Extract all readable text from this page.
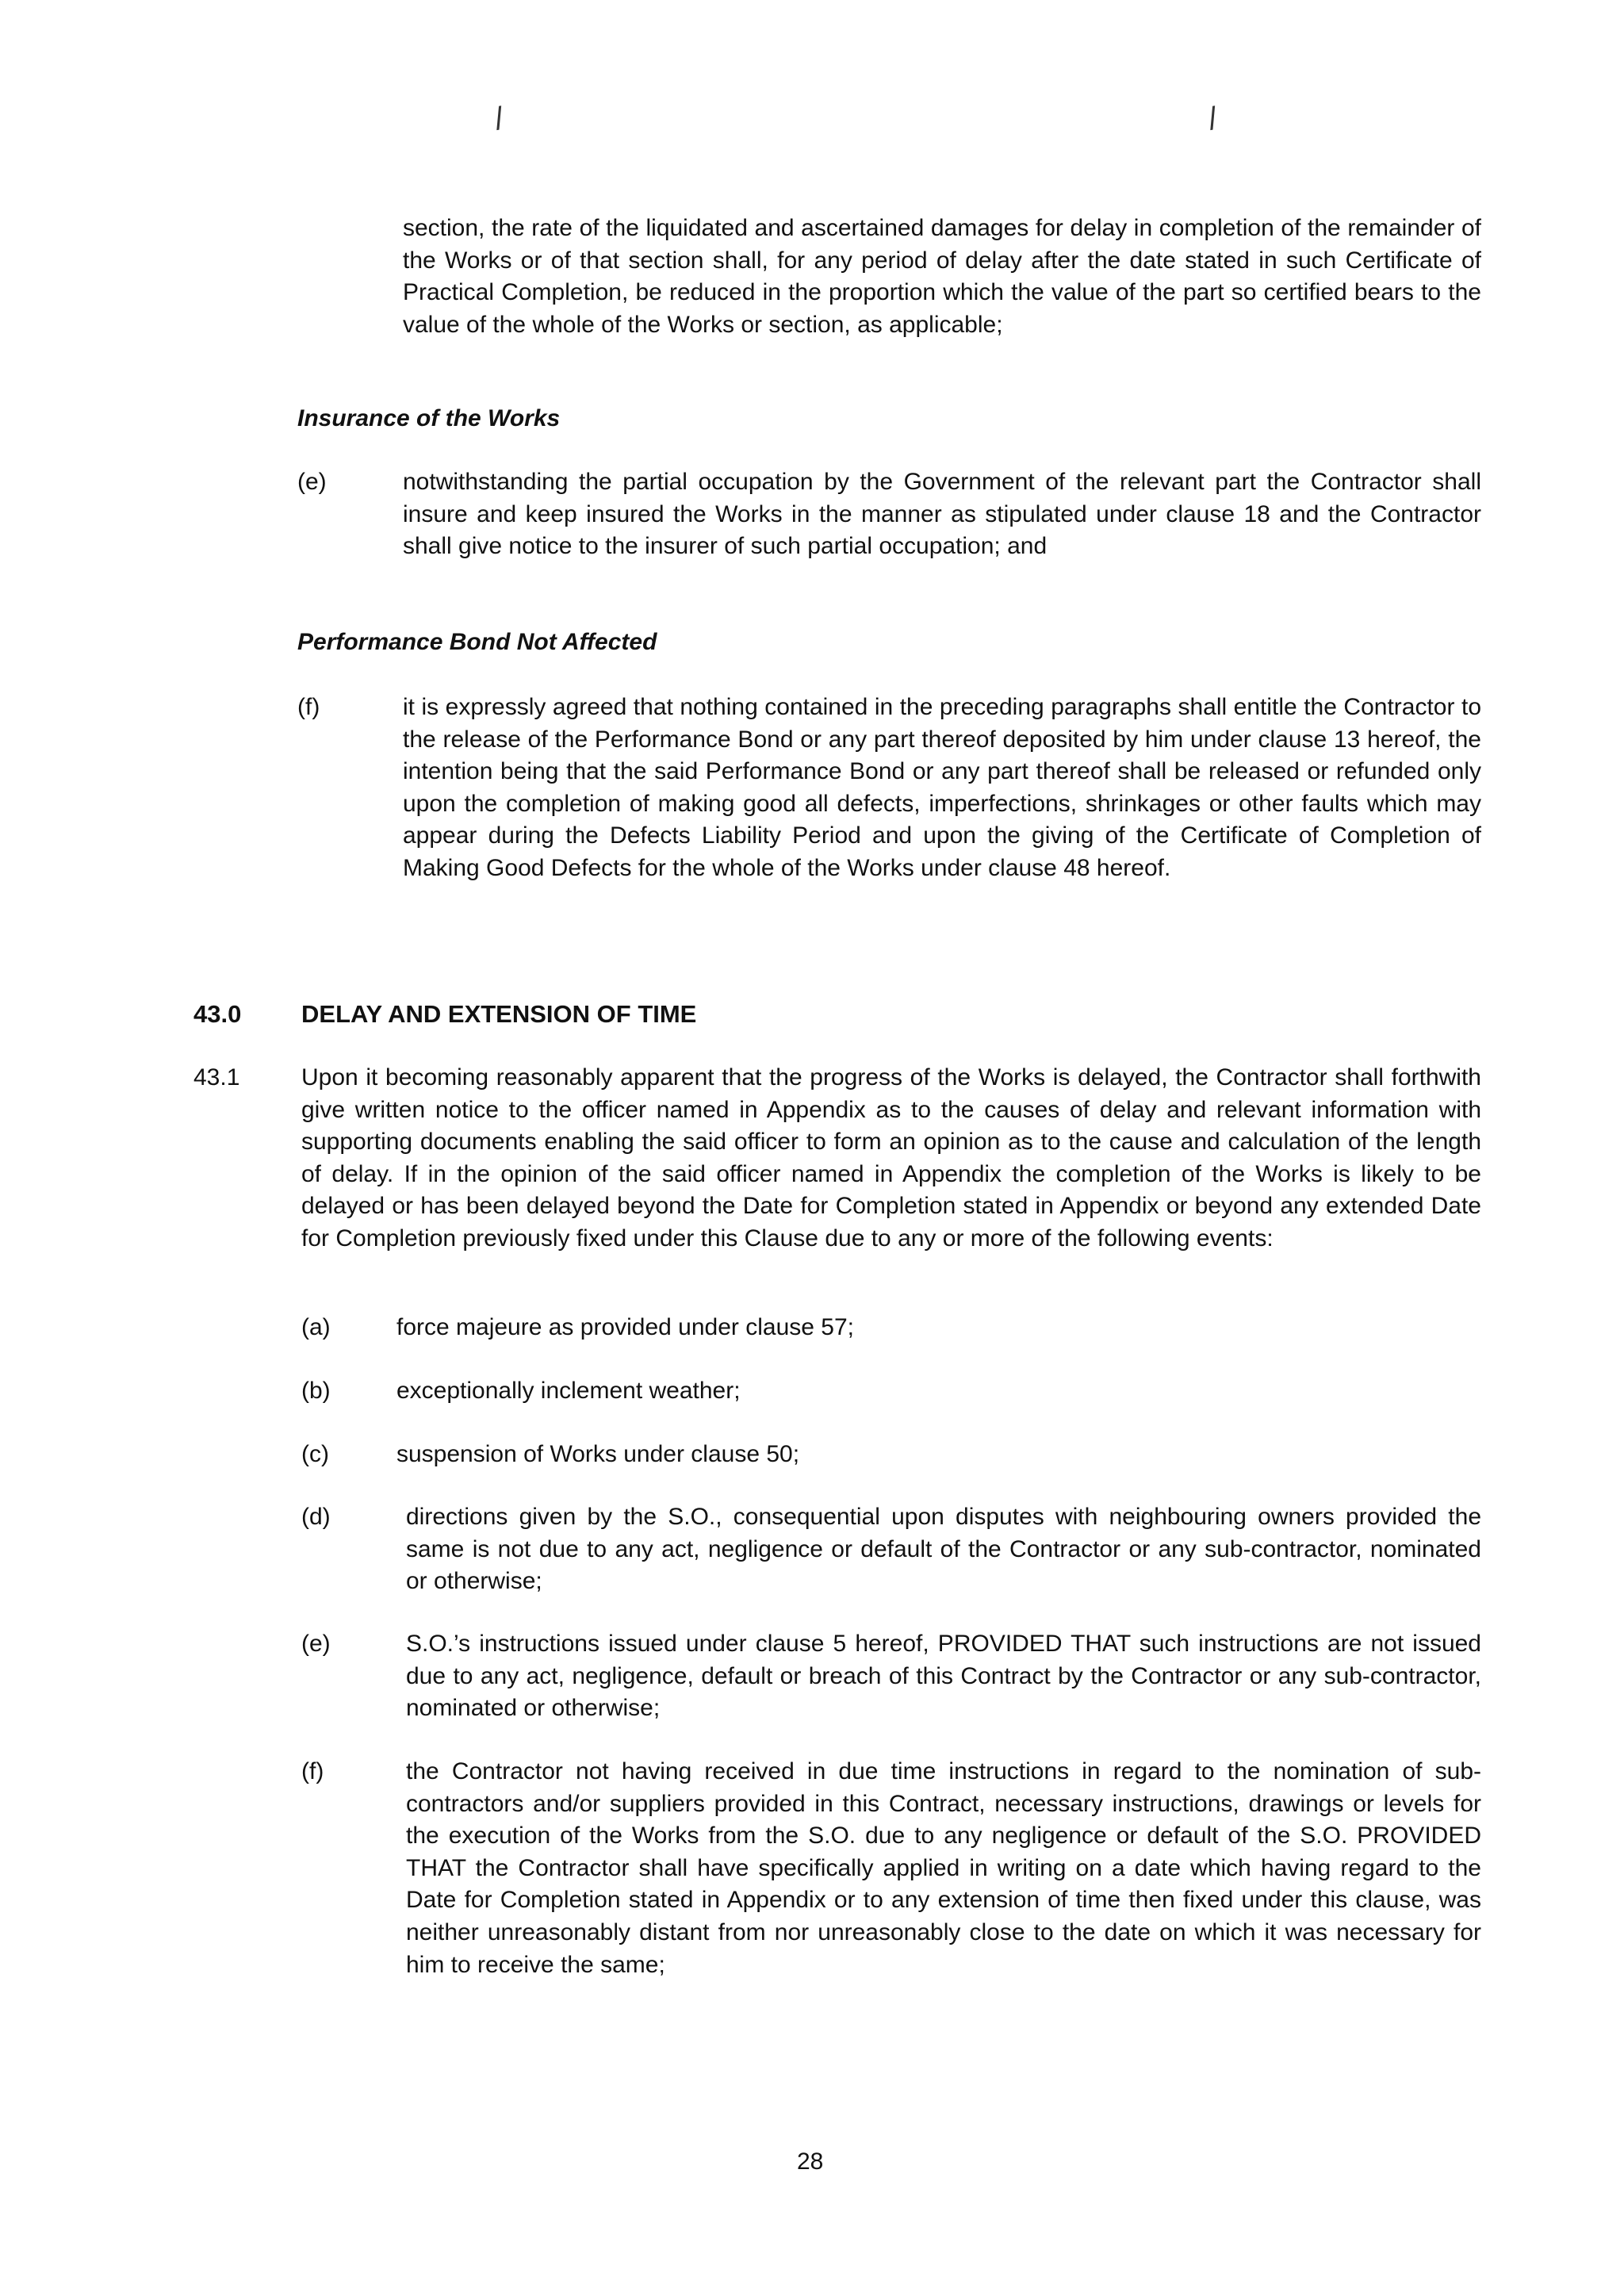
/	/

section, the rate of the liquidated and ascertained damages for delay in completion of the remainder of the Works or of that section shall, for any period of delay after the date stated in such Certificate of Practical Completion, be reduced in the proportion which the value of the part so certified bears to the value of the whole of the Works or section, as applicable;

Insurance of the Works

(e)	notwithstanding the partial occupation by the Government of the relevant part the Contractor shall insure and keep insured the Works in the manner as stipulated under clause 18 and the Contractor shall give notice to the insurer of such partial occupation; and

Performance Bond Not Affected

(f)	it is expressly agreed that nothing contained in the preceding paragraphs shall entitle the Contractor to the release of the Performance Bond or any part thereof deposited by him under clause 13 hereof, the intention being that the said Performance Bond or any part thereof shall be released or refunded only upon the completion of making good all defects, imperfections, shrinkages or other faults which may appear during the Defects Liability Period and upon the giving of the Certificate of Completion of Making Good Defects for the whole of the Works under clause 48 hereof.

43.0 DELAY AND EXTENSION OF TIME
43.1	Upon it becoming reasonably apparent that the progress of the Works is delayed, the Contractor shall forthwith give written notice to the officer named in Appendix as to the causes of delay and relevant information with supporting documents enabling the said officer to form an opinion as to the cause and calculation of the length of delay. If in the opinion of the said officer named in Appendix the completion of the Works is likely to be delayed or has been delayed beyond the Date for Completion stated in Appendix or beyond any extended Date for Completion previously fixed under this Clause due to any or more of the following events:

(a)	force majeure as provided under clause 57;

(b)	exceptionally inclement weather;

(c)	suspension of Works under clause 50;

(d)	directions given by the S.O., consequential upon disputes with neighbouring owners provided the same is not due to any act, negligence or default of the Contractor or any sub-contractor, nominated or otherwise;

(e)	S.O.’s instructions issued under clause 5 hereof, PROVIDED THAT such instructions are not issued due to any act, negligence, default or breach of this Contract by the Contractor or any sub-contractor, nominated or otherwise;

(f)	the Contractor not having received in due time instructions in regard to the nomination of sub-contractors and/or suppliers provided in this Contract, necessary instructions, drawings or levels for the execution of the Works from the S.O. due to any negligence or default of the S.O. PROVIDED THAT the Contractor shall have specifically applied in writing on a date which having regard to the Date for Completion stated in Appendix or to any extension of time then fixed under this clause, was neither unreasonably distant from nor unreasonably close to the date on which it was necessary for him to receive the same;

28
